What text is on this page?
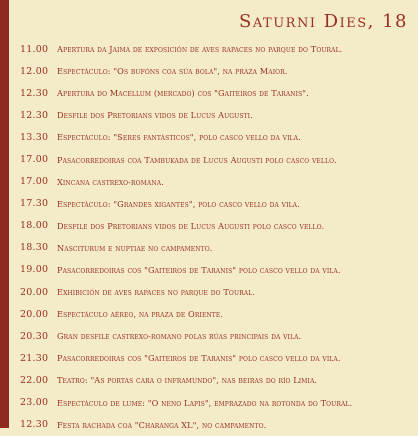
Saturni Dies, 18
11.00	Apertura da Jaima de exposición de aves rapaces no parque do Toural.
12.00	Espectáculo: "Os bufóns coa súa bola", na praza Maior.
12.30	Apertura do Macellum (mercado) cos "Gaiteiros de Taranis".
12.30	Desfile dos Pretorians vidos de Lucus Augusti.
13.30	Espectáculo: "Seres fantásticos", polo casco vello da vila.
17.00	Pasacorredoiras coa Tambukada de Lucus Augusti polo casco vello.
17.00	Xincana castrexo-romana.
17.30	Espectáculo: "Grandes xigantes", polo casco vello da vila.
18.00	Desfile dos Pretorians vidos de Lucus Augusti polo casco vello.
18.30	Nasciturum e nuptiae no campamento.
19.00	Pasacorredoiras cos "Gaiteiros de Taranis" polo casco vello da vila.
20.00	Exhibición de aves rapaces no parque do Toural.
20.00	Espectáculo aéreo, na praza de Oriente.
20.30	Gran desfile castrexo-romano polas rúas principais da vila.
21.30	Pasacorredoiras cos "Gaiteiros de Taranis" polo casco vello da vila.
22.00	Teatro: "As portas cara o inframundo", nas beiras do río Limia.
23.00	Espectáculo de lume: "O neno Lapis", emprazado na rotonda do Toural.
12.30	Festa rachada coa "Charanga XL", no campamento.
